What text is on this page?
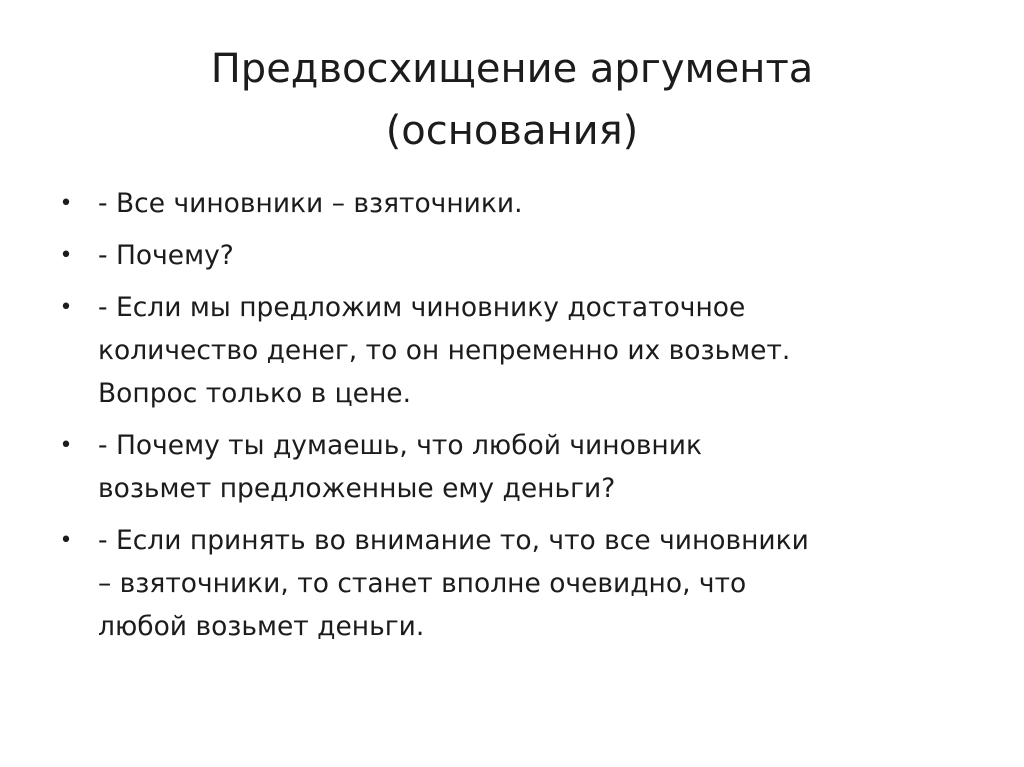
Предвосхищение аргумента
(основания)
• - Все чиновники – взяточники.
• - Почему?
• - Если мы предложим чиновнику достаточное
количество денег, то он непременно их возьмет.
Вопрос только в цене.
• - Почему ты думаешь, что любой чиновник
возьмет предложенные ему деньги?
• - Если принять во внимание то, что все чиновники
– взяточники, то станет вполне очевидно, что
любой возьмет деньги.
